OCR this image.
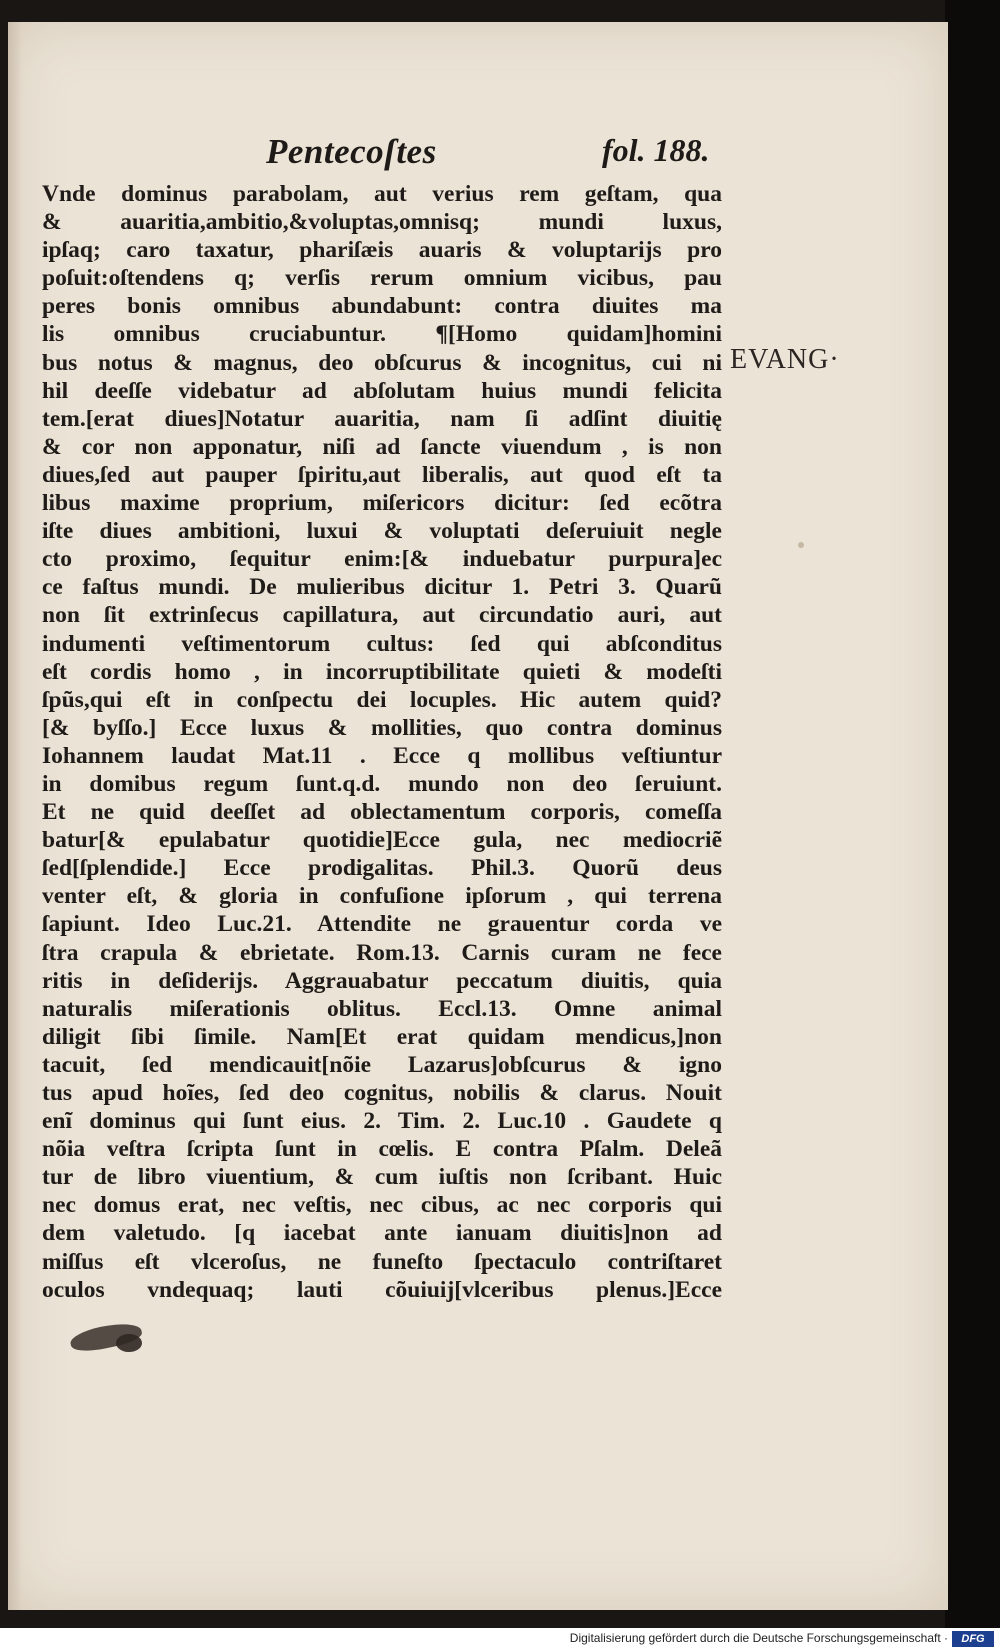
Pentecoſtes	fol. 188.
EVANG·
Vnde dominus parabolam, aut verius rem geſtam, qua
& auaritia,ambitio,&voluptas,omnisq; mundi luxus,
ipſaq; caro taxatur, phariſæis auaris & voluptarijs pro
poſuit:oſtendens q; verſis rerum omnium vicibus, pau
peres bonis omnibus abundabunt: contra diuites ma
lis omnibus cruciabuntur. ¶[Homo quidam]homini
bus notus & magnus, deo obſcurus & incognitus, cui ni
hil deeſſe videbatur ad abſolutam huius mundi felicita
tem.[erat diues]Notatur auaritia, nam ſi adſint diuitię
& cor non apponatur, niſi ad ſancte viuendum , is non
diues,ſed aut pauper ſpiritu,aut liberalis, aut quod eſt ta
libus maxime proprium, miſericors dicitur: ſed ecõtra
iſte diues ambitioni, luxui & voluptati deſeruiuit negle
cto proximo, ſequitur enim:[& induebatur purpura]ec
ce faſtus mundi. De mulieribus dicitur 1. Petri 3. Quarũ
non ſit extrinſecus capillatura, aut circundatio auri, aut
indumenti veſtimentorum cultus: ſed qui abſconditus
eſt cordis homo , in incorruptibilitate quieti & modeſti
ſpũs,qui eſt in conſpectu dei locuples. Hic autem quid?
[& byſſo.] Ecce luxus & mollities, quo contra dominus
Iohannem laudat Mat.11 . Ecce q mollibus veſtiuntur
in domibus regum ſunt.q.d. mundo non deo ſeruiunt.
Et ne quid deeſſet ad oblectamentum corporis, comeſſa
batur[& epulabatur quotidie]Ecce gula, nec mediocriẽ
ſed[ſplendide.] Ecce prodigalitas. Phil.3. Quorũ deus
venter eſt, & gloria in confuſione ipſorum , qui terrena
ſapiunt. Ideo Luc.21. Attendite ne grauentur corda ve
ſtra crapula & ebrietate. Rom.13. Carnis curam ne fece
ritis in deſiderijs. Aggrauabatur peccatum diuitis, quia
naturalis miſerationis oblitus. Eccl.13. Omne animal
diligit ſibi ſimile. Nam[Et erat quidam mendicus,]non
tacuit, ſed mendicauit[nõie Lazarus]obſcurus & igno
tus apud hoĩes, ſed deo cognitus, nobilis & clarus. Nouit
enĩ dominus qui ſunt eius. 2. Tim. 2. Luc.10 . Gaudete q
nõia veſtra ſcripta ſunt in cœlis. E contra Pſalm. Deleã
tur de libro viuentium, & cum iuſtis non ſcribant. Huic
nec domus erat, nec veſtis, nec cibus, ac nec corporis qui
dem valetudo. [q iacebat ante ianuam diuitis]non ad
miſſus eſt vlceroſus, ne funeſto ſpectaculo contriſtaret
oculos vndequaq; lauti cõuiuij[vlceribus plenus.]Ecce
Digitalisierung gefördert durch die Deutsche Forschungsgemeinschaft ·	DFG
